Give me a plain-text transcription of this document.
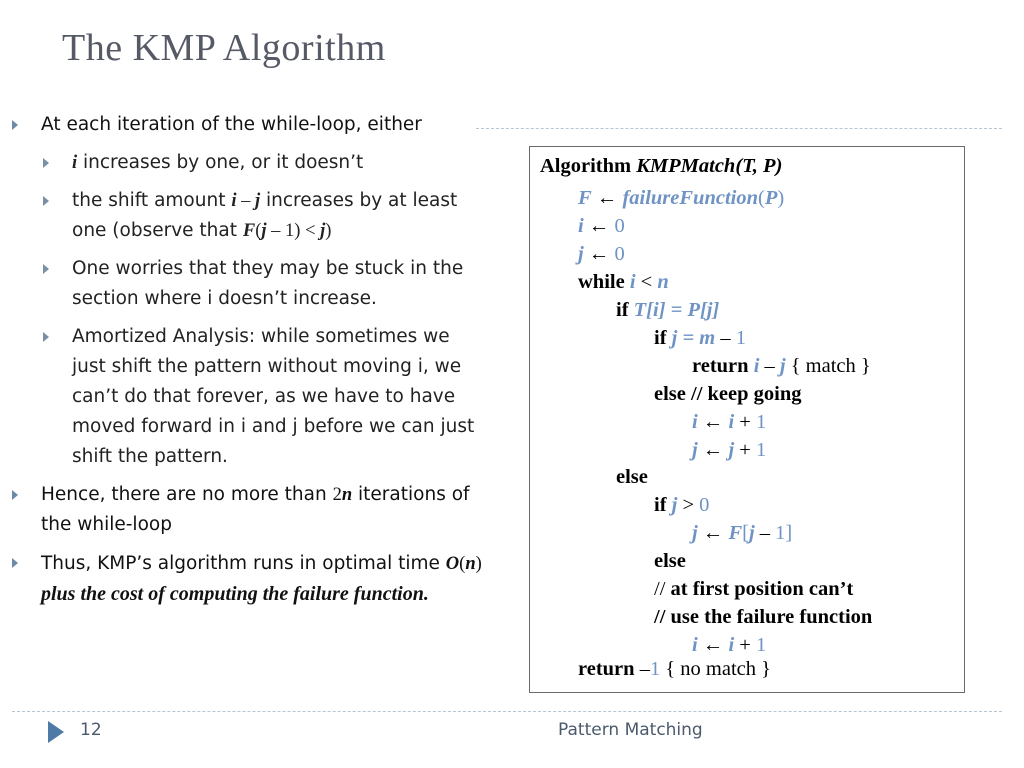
The KMP Algorithm
At each iteration of the while-loop, either
i increases by one, or it doesn’t
the shift amount i – j increases by at least one (observe that F(j – 1) < j)
One worries that they may be stuck in the section where i doesn’t increase.
Amortized Analysis: while sometimes we just shift the pattern without moving i, we can’t do that forever, as we have to have moved forward in i and j before we can just shift the pattern.
Hence, there are no more than 2n iterations of the while-loop
Thus, KMP’s algorithm runs in optimal time O(n) plus the cost of computing the failure function.
Algorithm KMPMatch(T, P)
F ← failureFunction(P)
i ← 0
j ← 0
while i < n
if T[i] = P[j]
if j = m – 1
return i – j { match }
else // keep going
i ← i + 1
j ← j + 1
else
if j > 0
j ← F[j – 1]
else
// at first position can’t
// use the failure function
i ← i + 1
return –1 { no match }
12	Pattern Matching
